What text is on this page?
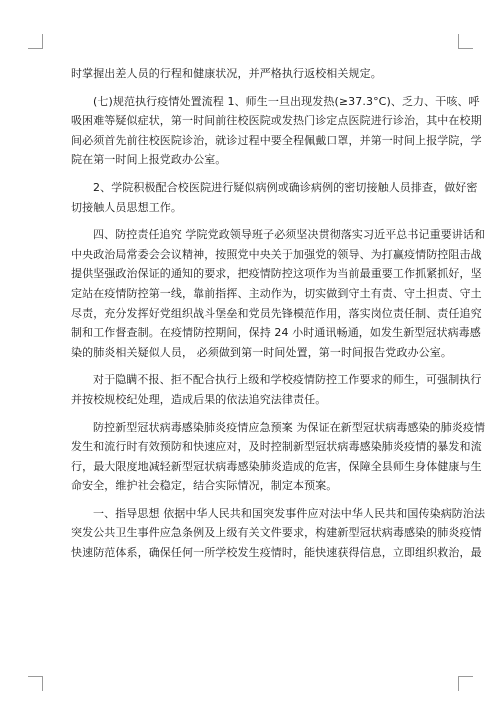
时掌握出差人员的行程和健康状况，并严格执行返校相关规定。
(七)规范执行疫情处置流程 1、师生一旦出现发热(≥37.3°C)、乏力、干咳、呼
吸困难等疑似症状，第一时间前往校医院或发热门诊定点医院进行诊治，其中在校期
间必须首先前往校医院诊治，就诊过程中要全程佩戴口罩，并第一时间上报学院，学
院在第一时间上报党政办公室。
2、学院积极配合校医院进行疑似病例或确诊病例的密切接触人员排查，做好密
切接触人员思想工作。
四、防控责任追究 学院党政领导班子必须坚决贯彻落实习近平总书记重要讲话和
中央政治局常委会会议精神，按照党中央关于加强党的领导、为打赢疫情防控阻击战
提供坚强政治保证的通知的要求，把疫情防控这项作为当前最重要工作抓紧抓好，坚
定站在疫情防控第一线，靠前指挥、主动作为，切实做到守土有责、守土担责、守土
尽责，充分发挥好党组织战斗堡垒和党员先锋模范作用，落实岗位责任制、责任追究
制和工作督查制。在疫情防控期间，保持 24 小时通讯畅通，如发生新型冠状病毒感
染的肺炎相关疑似人员， 必须做到第一时间处置，第一时间报告党政办公室。
对于隐瞒不报、拒不配合执行上级和学校疫情防控工作要求的师生，可强制执行
并按校规校纪处理，造成后果的依法追究法律责任。
防控新型冠状病毒感染肺炎疫情应急预案 为保证在新型冠状病毒感染的肺炎疫情
发生和流行时有效预防和快速应对，及时控制新型冠状病毒感染肺炎疫情的暴发和流
行，最大限度地减轻新型冠状病毒感染肺炎造成的危害，保障全县师生身体健康与生
命安全，维护社会稳定，结合实际情况，制定本预案。
一、指导思想 依据中华人民共和国突发事件应对法中华人民共和国传染病防治法
突发公共卫生事件应急条例及上级有关文件要求，构建新型冠状病毒感染的肺炎疫情
快速防范体系，确保任何一所学校发生疫情时，能快速获得信息，立即组织救治，最
